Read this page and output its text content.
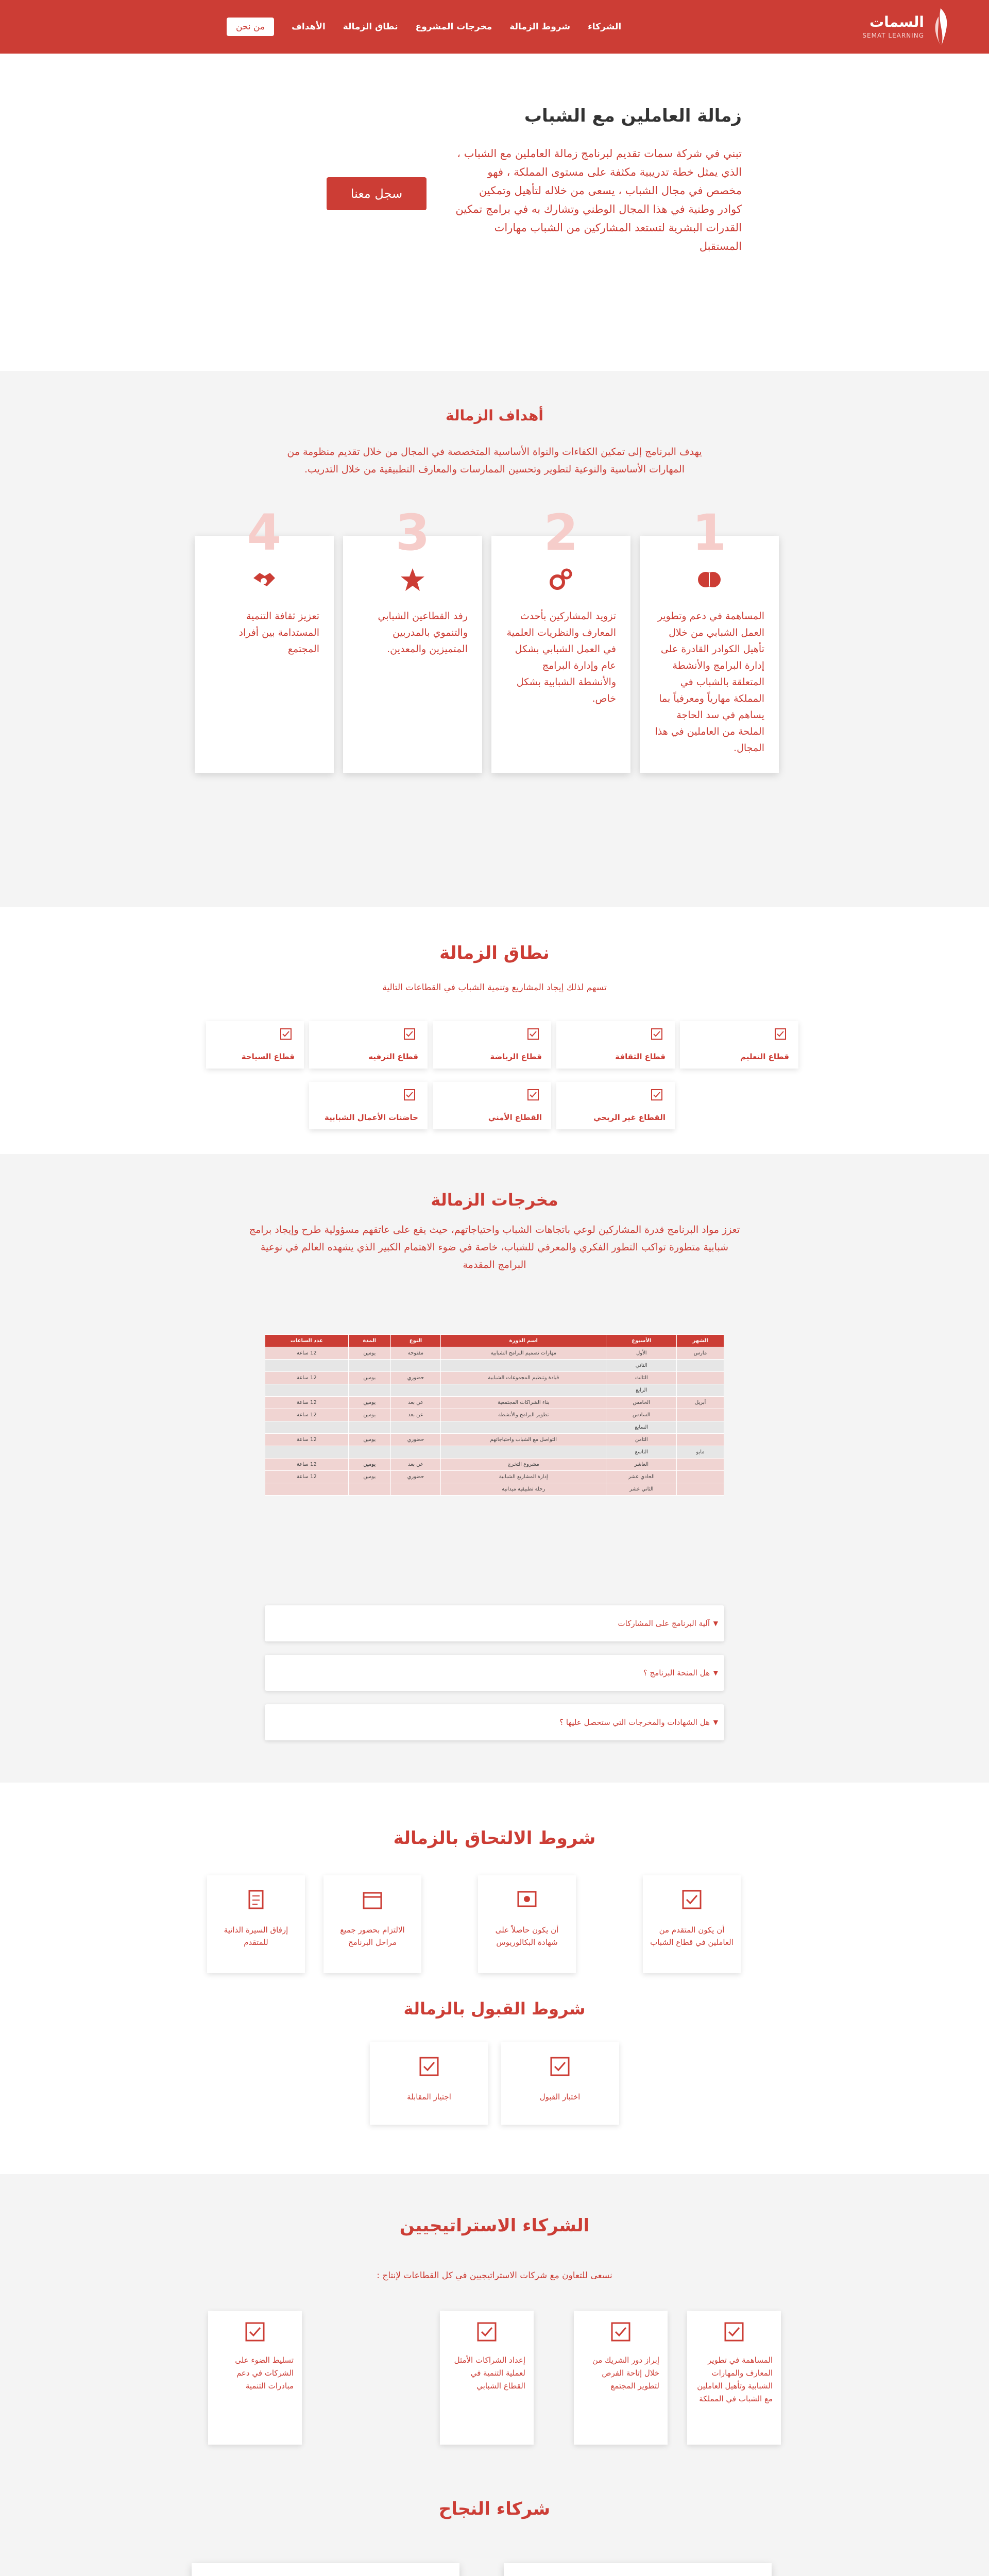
السمات
SEMAT LEARNING
من نحن	الأهداف نطاق الزمالة مخرجات المشروع شروط الزمالة الشركاء
زمالة العاملين مع الشباب
تبني في شركة سمات تقديم لبرنامج زمالة العاملين مع الشباب ، الذي يمثل خطة تدريبية مكثفة على مستوى المملكة ، فهو مخصص في مجال الشباب ، يسعى من خلاله لتأهيل وتمكين كوادر وطنية في هذا المجال الوطني وتشارك به في برامج تمكين القدرات البشرية لتستعد المشاركين من الشباب مهارات المستقبل
سجل معنا
أهداف الزمالة
يهدف البرنامج إلى تمكين الكفاءات والنواة الأساسية المتخصصة في المجال من خلال تقديم منظومة من المهارات الأساسية والنوعية لتطوير وتحسين الممارسات والمعارف التطبيقية من خلال التدريب.
1

المساهمة في دعم وتطوير العمل الشبابي من خلال تأهيل الكوادر القادرة على إدارة البرامج والأنشطة المتعلقة بالشباب في المملكة مهارياً ومعرفياً بما يساهم في سد الحاجة الملحة من العاملين في هذا المجال.

2

تزويد المشاركين بأحدث المعارف والنظريات العلمية في العمل الشبابي بشكل عام وإدارة البرامج والأنشطة الشبابية بشكل خاص.

3

رفد القطاعين الشبابي والتنموي بالمدربين المتميزين والمعدين.

4

تعزيز ثقافة التنمية المستدامة بين أفراد المجتمع

نطاق الزمالة
تسهم لذلك إيجاد المشاريع وتنمية الشباب في القطاعات التالية
قطاع التعليم
قطاع الثقافة
قطاع الرياضة
قطاع الترفيه
قطاع السياحة
القطاع غير الربحي
القطاع الأمني
حاضنات الأعمال الشبابية
مخرجات الزمالة
تعزز مواد البرنامج قدرة المشاركين لوعي باتجاهات الشباب واحتياجاتهم، حيث يقع على عاتقهم مسؤولية طرح وإيجاد برامج شبابية متطورة تواكب التطور الفكري والمعرفي للشباب، خاصة في ضوء الاهتمام الكبير الذي يشهده العالم في نوعية البرامج المقدمة
الشهر	الأسبوع	اسم الدورة	النوع	المدة	عدد الساعات
مارس	الأول	مهارات تصميم البرامج الشبابية	مفتوحة	يومين	12 ساعة
	الثاني				
	الثالث	قيادة وتنظيم المجموعات الشبابية	حضوري	يومين	12 ساعة
	الرابع				
أبريل	الخامس	بناء الشراكات المجتمعية	عن بعد	يومين	12 ساعة
	السادس	تطوير البرامج والأنشطة	عن بعد	يومين	12 ساعة
	السابع				
	الثامن	التواصل مع الشباب واحتياجاتهم	حضوري	يومين	12 ساعة
مايو	التاسع				
	العاشر	مشروع التخرج	عن بعد	يومين	12 ساعة
	الحادي عشر	إدارة المشاريع الشبابية	حضوري	يومين	12 ساعة
	الثاني عشر	رحلة تطبيقية ميدانية			
▼
آلية البرنامج على المشاركات
▼
هل المنحة البرنامج ؟
▼
هل الشهادات والمخرجات التي ستحصل عليها ؟
شروط الالتحاق بالزمالة

أن يكون المتقدم من العاملين في قطاع الشباب

أن يكون حاصلاً على شهادة البكالوريوس

الالتزام بحضور جميع مراحل البرنامج

إرفاق السيرة الذاتية للمتقدم

شروط القبول بالزمالة

اختبار القبول

اجتياز المقابلة

الشركاء الاستراتيجيين
نسعى للتعاون مع شركات الاستراتيجيين في كل القطاعات لإنتاج :

المساهمة في تطوير المعارف والمهارات الشبابية وتأهيل العاملين مع الشباب في المملكة

إبراز دور الشريك من خلال إتاحة الفرص لتطوير المجتمع

إعداد الشراكات الأمثل لعملية التنمية في القطاع الشبابي

تسليط الضوء على الشركات في دعم مبادرات التنمية

شركاء النجاح
